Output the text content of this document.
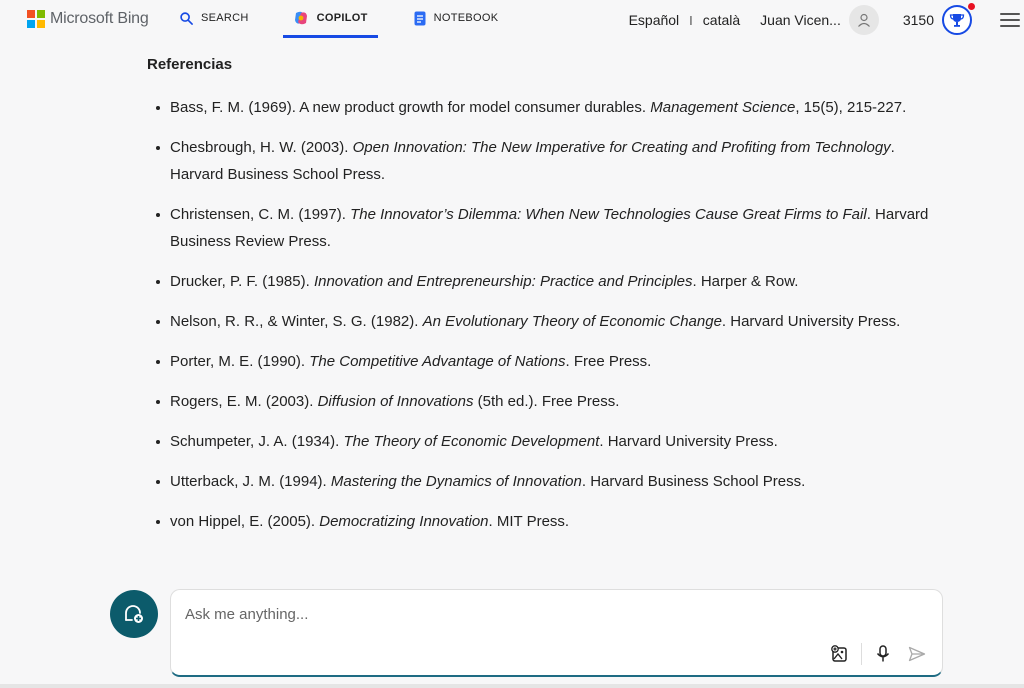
Microsoft Bing	SEARCH	COPILOT	NOTEBOOK	Español I català Juan Vicen...	3150
Referencias
Bass, F. M. (1969). A new product growth for model consumer durables. Management Science, 15(5), 215-227.
Chesbrough, H. W. (2003). Open Innovation: The New Imperative for Creating and Profiting from Technology. Harvard Business School Press.
Christensen, C. M. (1997). The Innovator’s Dilemma: When New Technologies Cause Great Firms to Fail. Harvard Business Review Press.
Drucker, P. F. (1985). Innovation and Entrepreneurship: Practice and Principles. Harper & Row.
Nelson, R. R., & Winter, S. G. (1982). An Evolutionary Theory of Economic Change. Harvard University Press.
Porter, M. E. (1990). The Competitive Advantage of Nations. Free Press.
Rogers, E. M. (2003). Diffusion of Innovations (5th ed.). Free Press.
Schumpeter, J. A. (1934). The Theory of Economic Development. Harvard University Press.
Utterback, J. M. (1994). Mastering the Dynamics of Innovation. Harvard Business School Press.
von Hippel, E. (2005). Democratizing Innovation. MIT Press.
Ask me anything...
